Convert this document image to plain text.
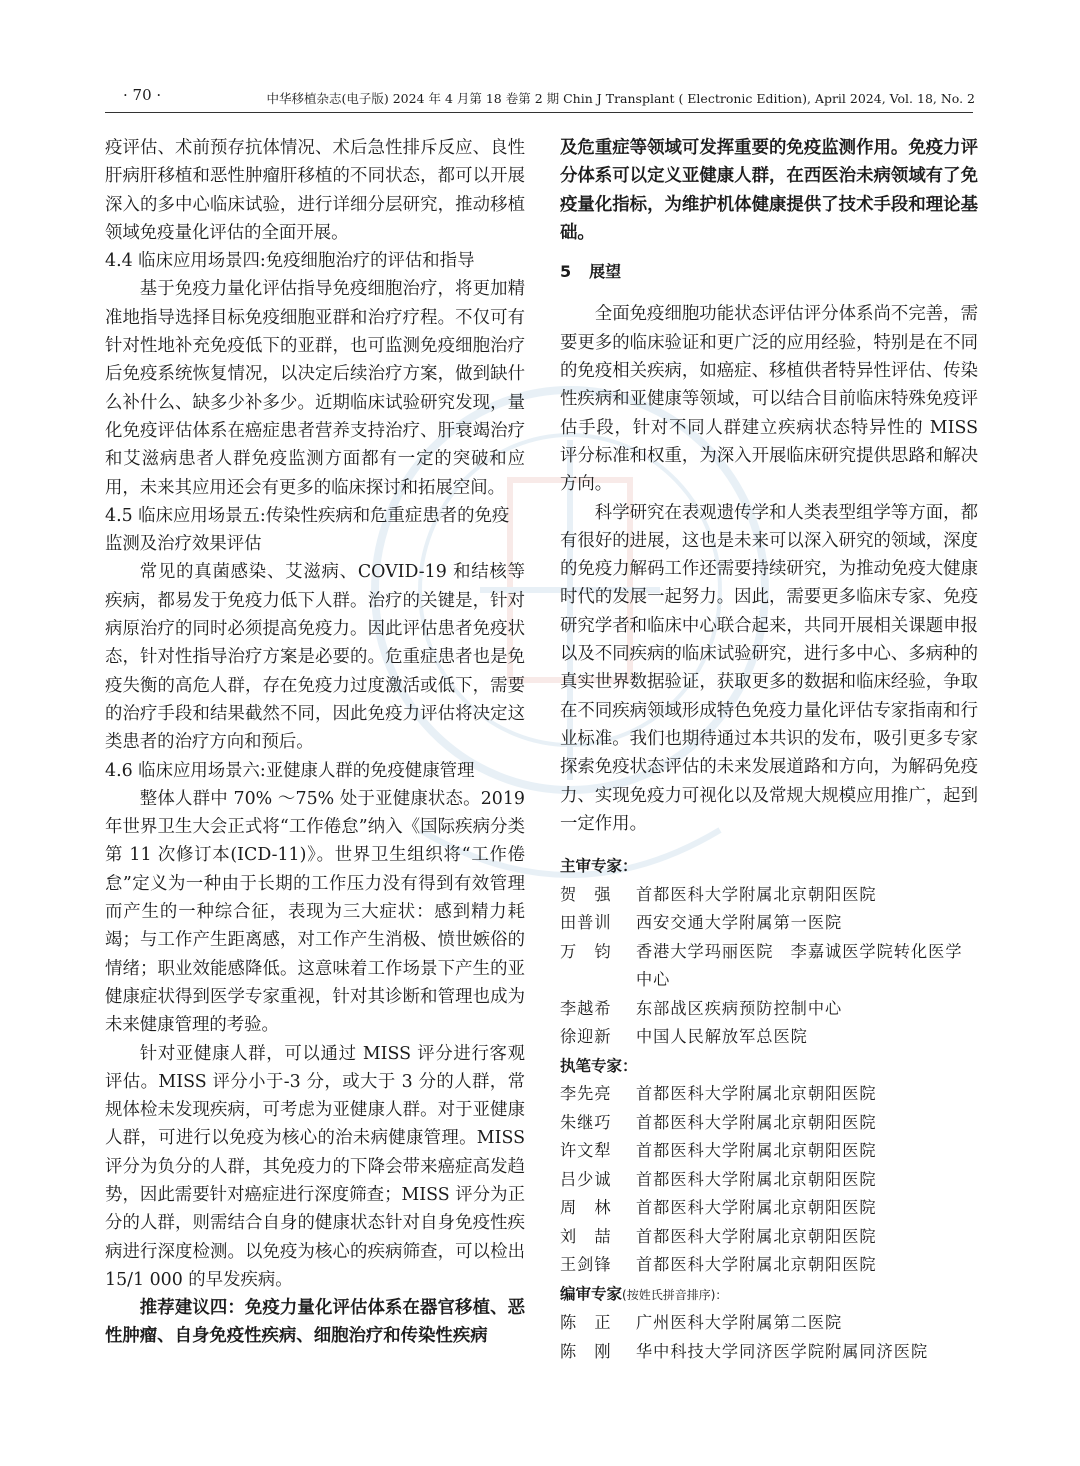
· 70 ·	中华移植杂志(电子版) 2024 年 4 月第 18 卷第 2 期 Chin J Transplant ( Electronic Edition), April 2024, Vol. 18, No. 2

疫评估、术前预存抗体情况、术后急性排斥反应、良性肝病肝移植和恶性肿瘤肝移植的不同状态，都可以开展深入的多中心临床试验，进行详细分层研究，推动移植领域免疫量化评估的全面开展。

4.4 临床应用场景四:免疫细胞治疗的评估和指导

基于免疫力量化评估指导免疫细胞治疗，将更加精准地指导选择目标免疫细胞亚群和治疗疗程。不仅可有针对性地补充免疫低下的亚群，也可监测免疫细胞治疗后免疫系统恢复情况，以决定后续治疗方案，做到缺什么补什么、缺多少补多少。近期临床试验研究发现，量化免疫评估体系在癌症患者营养支持治疗、肝衰竭治疗和艾滋病患者人群免疫监测方面都有一定的突破和应用，未来其应用还会有更多的临床探讨和拓展空间。

4.5 临床应用场景五:传染性疾病和危重症患者的免疫监测及治疗效果评估

常见的真菌感染、艾滋病、COVID-19 和结核等疾病，都易发于免疫力低下人群。治疗的关键是，针对病原治疗的同时必须提高免疫力。因此评估患者免疫状态，针对性指导治疗方案是必要的。危重症患者也是免疫失衡的高危人群，存在免疫力过度激活或低下，需要的治疗手段和结果截然不同，因此免疫力评估将决定这类患者的治疗方向和预后。

4.6 临床应用场景六:亚健康人群的免疫健康管理

整体人群中 70% ～75% 处于亚健康状态。2019 年世界卫生大会正式将“工作倦怠”纳入《国际疾病分类第 11 次修订本(ICD-11)》。世界卫生组织将“工作倦怠”定义为一种由于长期的工作压力没有得到有效管理而产生的一种综合征，表现为三大症状：感到精力耗竭；与工作产生距离感，对工作产生消极、愤世嫉俗的情绪；职业效能感降低。这意味着工作场景下产生的亚健康症状得到医学专家重视，针对其诊断和管理也成为未来健康管理的考验。

针对亚健康人群，可以通过 MISS 评分进行客观评估。MISS 评分小于-3 分，或大于 3 分的人群，常规体检未发现疾病，可考虑为亚健康人群。对于亚健康人群，可进行以免疫为核心的治未病健康管理。MISS 评分为负分的人群，其免疫力的下降会带来癌症高发趋势，因此需要针对癌症进行深度筛查；MISS 评分为正分的人群，则需结合自身的健康状态针对自身免疫性疾病进行深度检测。以免疫为核心的疾病筛查，可以检出 15/1 000 的早发疾病。

推荐建议四：免疫力量化评估体系在器官移植、恶性肿瘤、自身免疫性疾病、细胞治疗和传染性疾病

及危重症等领域可发挥重要的免疫监测作用。免疫力评分体系可以定义亚健康人群，在西医治未病领域有了免疫量化指标，为维护机体健康提供了技术手段和理论基础。

5 展望

全面免疫细胞功能状态评估评分体系尚不完善，需要更多的临床验证和更广泛的应用经验，特别是在不同的免疫相关疾病，如癌症、移植供者特异性评估、传染性疾病和亚健康等领域，可以结合目前临床特殊免疫评估手段，针对不同人群建立疾病状态特异性的 MISS 评分标准和权重，为深入开展临床研究提供思路和解决方向。

科学研究在表观遗传学和人类表型组学等方面，都有很好的进展，这也是未来可以深入研究的领域，深度的免疫力解码工作还需要持续研究，为推动免疫大健康时代的发展一起努力。因此，需要更多临床专家、免疫研究学者和临床中心联合起来，共同开展相关课题申报以及不同疾病的临床试验研究，进行多中心、多病种的真实世界数据验证，获取更多的数据和临床经验，争取在不同疾病领域形成特色免疫力量化评估专家指南和行业标准。我们也期待通过本共识的发布，吸引更多专家探索免疫状态评估的未来发展道路和方向，为解码免疫力、实现免疫力可视化以及常规大规模应用推广，起到一定作用。

主审专家：

贺　强	首都医科大学附属北京朝阳医院
田普训	西安交通大学附属第一医院
万　钧	香港大学玛丽医院　李嘉诚医学院转化医学中心
李越希	东部战区疾病预防控制中心
徐迎新	中国人民解放军总医院

执笔专家：

李先亮	首都医科大学附属北京朝阳医院
朱继巧	首都医科大学附属北京朝阳医院
许文犁	首都医科大学附属北京朝阳医院
吕少诚	首都医科大学附属北京朝阳医院
周　林	首都医科大学附属北京朝阳医院
刘　喆	首都医科大学附属北京朝阳医院
王剑锋	首都医科大学附属北京朝阳医院

编审专家(按姓氏拼音排序)：

陈　正	广州医科大学附属第二医院
陈　刚	华中科技大学同济医学院附属同济医院
